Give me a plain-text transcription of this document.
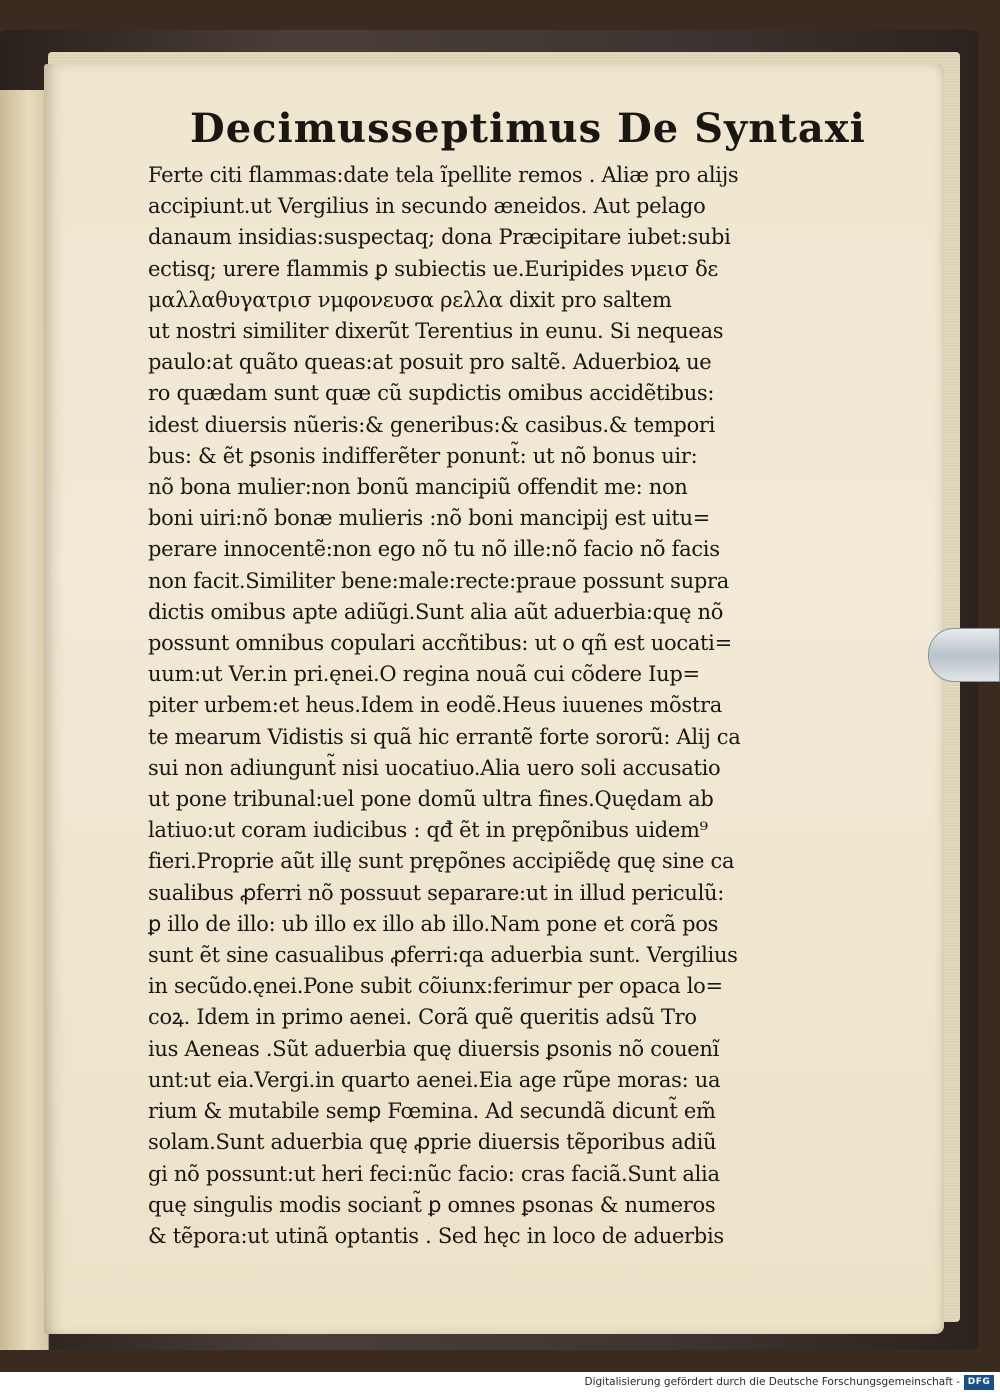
Decimusseptimus De Syntaxi
Ferte citi flammas:date tela ĩpellite remos . Aliæ pro alijs
accipiunt.ut Vergilius in secundo æneidos. Aut pelago
danaum insidias:suspectaq; dona Præcipitare iubet:subi
ectisq; urere flammis ꝑ subiectis ue.Euripides νμεισ δε
μαλλαθυγατρισ νμφονευσα ρελλα dixit pro saltem
ut nostri similiter dixerũt Terentius in eunu. Si nequeas
paulo:at quãto queas:at posuit pro saltẽ. Aduerbioꝝ ue
ro quædam sunt quæ cũ supdictis omibus accidẽtibus:
idest diuersis nũeris:& generibus:& casibus.& tempori
bus: & ẽt ꝑsonis indifferẽter ponunt̃: ut nõ bonus uir:
nõ bona mulier:non bonũ mancipiũ offendit me: non
boni uiri:nõ bonæ mulieris :nõ boni mancipij est uitu=
perare innocentẽ:non ego nõ tu nõ ille:nõ facio nõ facis
non facit.Similiter bene:male:recte:praue possunt supra
dictis omibus apte adiũgi.Sunt alia aũt aduerbia:quę nõ
possunt omnibus copulari accñtibus: ut o qñ est uocati=
uum:ut Ver.in pri.ęnei.O regina nouã cui cõdere Iup=
piter urbem:et heus.Idem in eodẽ.Heus iuuenes mõstra
te mearum Vidistis si quã hic errantẽ forte sororũ: Alij ca
sui non adiungunt̃ nisi uocatiuo.Alia uero soli accusatio
ut pone tribunal:uel pone domũ ultra fines.Quędam ab
latiuo:ut coram iudicibus : qđ ẽt in prępõnibus uidem⁹
fieri.Proprie aũt illę sunt prępõnes accipiẽdę quę sine ca
sualibus ꝓferri nõ possuut separare:ut in illud periculũ:
ꝑ illo de illo: ub illo ex illo ab illo.Nam pone et corã pos
sunt ẽt sine casualibus ꝓferri:qa aduerbia sunt. Vergilius
in secũdo.ęnei.Pone subit cõiunx:ferimur per opaca lo=
coꝝ. Idem in primo aenei. Corã quẽ queritis adsũ Tro
ius Aeneas .Sũt aduerbia quę diuersis ꝑsonis nõ couenĩ
unt:ut eia.Vergi.in quarto aenei.Eia age rũpe moras: ua
rium & mutabile semꝑ Fœmina. Ad secundã dicunt̃ em̃
solam.Sunt aduerbia quę ꝓprie diuersis tẽporibus adiũ
gi nõ possunt:ut heri feci:nũc facio: cras faciã.Sunt alia
quę singulis modis sociant̃ ꝑ omnes ꝑsonas & numeros
& tẽpora:ut utinã optantis . Sed hęc in loco de aduerbis
Digitalisierung gefördert durch die Deutsche Forschungsgemeinschaft - DFG
